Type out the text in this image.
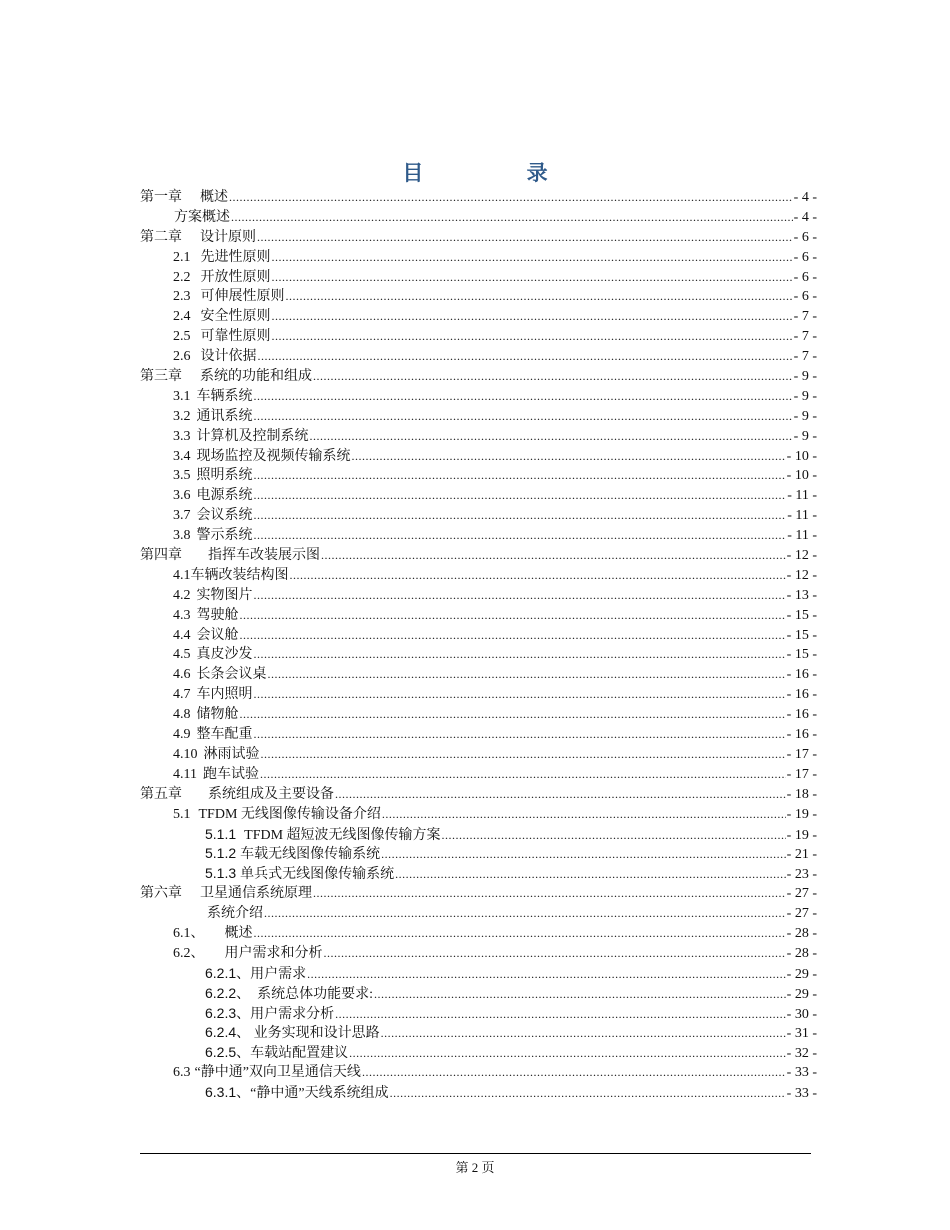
目 录
第一章 概述 .....	- 4 -
方案概述 .....	- 4 -
第二章 设计原则 .....	- 6 -
2.1 先进性原则 .....	- 6 -
2.2 开放性原则 .....	- 6 -
2.3 可伸展性原则 .....	- 6 -
2.4 安全性原则 .....	- 7 -
2.5 可靠性原则 .....	- 7 -
2.6 设计依据 .....	- 7 -
第三章 系统的功能和组成 .....	- 9 -
3.1 车辆系统 .....	- 9 -
3.2 通讯系统 .....	- 9 -
3.3 计算机及控制系统 .....	- 9 -
3.4 现场监控及视频传输系统 .....	- 10 -
3.5 照明系统 .....	- 10 -
3.6 电源系统 .....	- 11 -
3.7 会议系统 .....	- 11 -
3.8 警示系统 .....	- 11 -
第四章 指挥车改装展示图 .....	- 12 -
4.1 车辆改装结构图 .....	- 12 -
4.2 实物图片 .....	- 13 -
4.3 驾驶舱 .....	- 15 -
4.4 会议舱 .....	- 15 -
4.5 真皮沙发 .....	- 15 -
4.6 长条会议桌 .....	- 16 -
4.7 车内照明 .....	- 16 -
4.8 储物舱 .....	- 16 -
4.9 整车配重 .....	- 16 -
4.10 淋雨试验 .....	- 17 -
4.11 跑车试验 .....	- 17 -
第五章 系统组成及主要设备 .....	- 18 -
5.1 TFDM 无线图像传输设备介绍 .....	- 19 -
5.1.1 TFDM 超短波无线图像传输方案 .....	- 19 -
5.1.2 车载无线图像传输系统 .....	- 21 -
5.1.3 单兵式无线图像传输系统 .....	- 23 -
第六章 卫星通信系统原理 .....	- 27 -
系统介绍 .....	- 27 -
6.1、 概述 .....	- 28 -
6.2、 用户需求和分析 .....	- 28 -
6.2.1 、用户需求 .....	- 29 -
6.2.2 、  系统总体功能要求: .....	- 29 -
6.2.3 、用户需求分析 .....	- 30 -
6.2.4 、 业务实现和设计思路 .....	- 31 -
6.2.5 、车载站配置建议 .....	- 32 -
6.3 “静中通”双向卫星通信天线 .....	- 33 -
6.3.1 、“静中通”天线系统组成 .....	- 33 -
第 2 页
